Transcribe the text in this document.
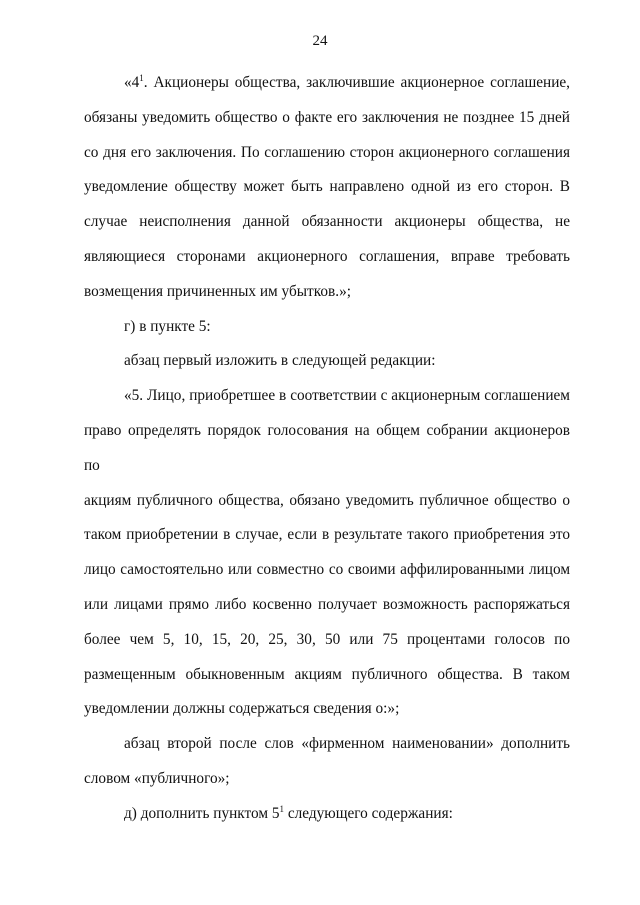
24
«$4^1$. Акционеры общества, заключившие акционерное соглашение,
обязаны уведомить общество о факте его заключения не позднее 15 дней
со дня его заключения. По соглашению сторон акционерного соглашения
уведомление обществу может быть направлено одной из его сторон. В
случае неисполнения данной обязанности акционеры общества, не
являющиеся сторонами акционерного соглашения, вправе требовать
возмещения причиненных им убытков.»;
г) в пункте 5:
абзац первый изложить в следующей редакции:
«5. Лицо, приобретшее в соответствии с акционерным соглашением
право определять порядок голосования на общем собрании акционеров по
акциям публичного общества, обязано уведомить публичное общество о
таком приобретении в случае, если в результате такого приобретения это
лицо самостоятельно или совместно со своими аффилированными лицом
или лицами прямо либо косвенно получает возможность распоряжаться
более чем 5, 10, 15, 20, 25, 30, 50 или 75 процентами голосов по
размещенным обыкновенным акциям публичного общества. В таком
уведомлении должны содержаться сведения о:»;
абзац второй после слов «фирменном наименовании» дополнить
словом «публичного»;
д) дополнить пунктом $5^1$ следующего содержания:
